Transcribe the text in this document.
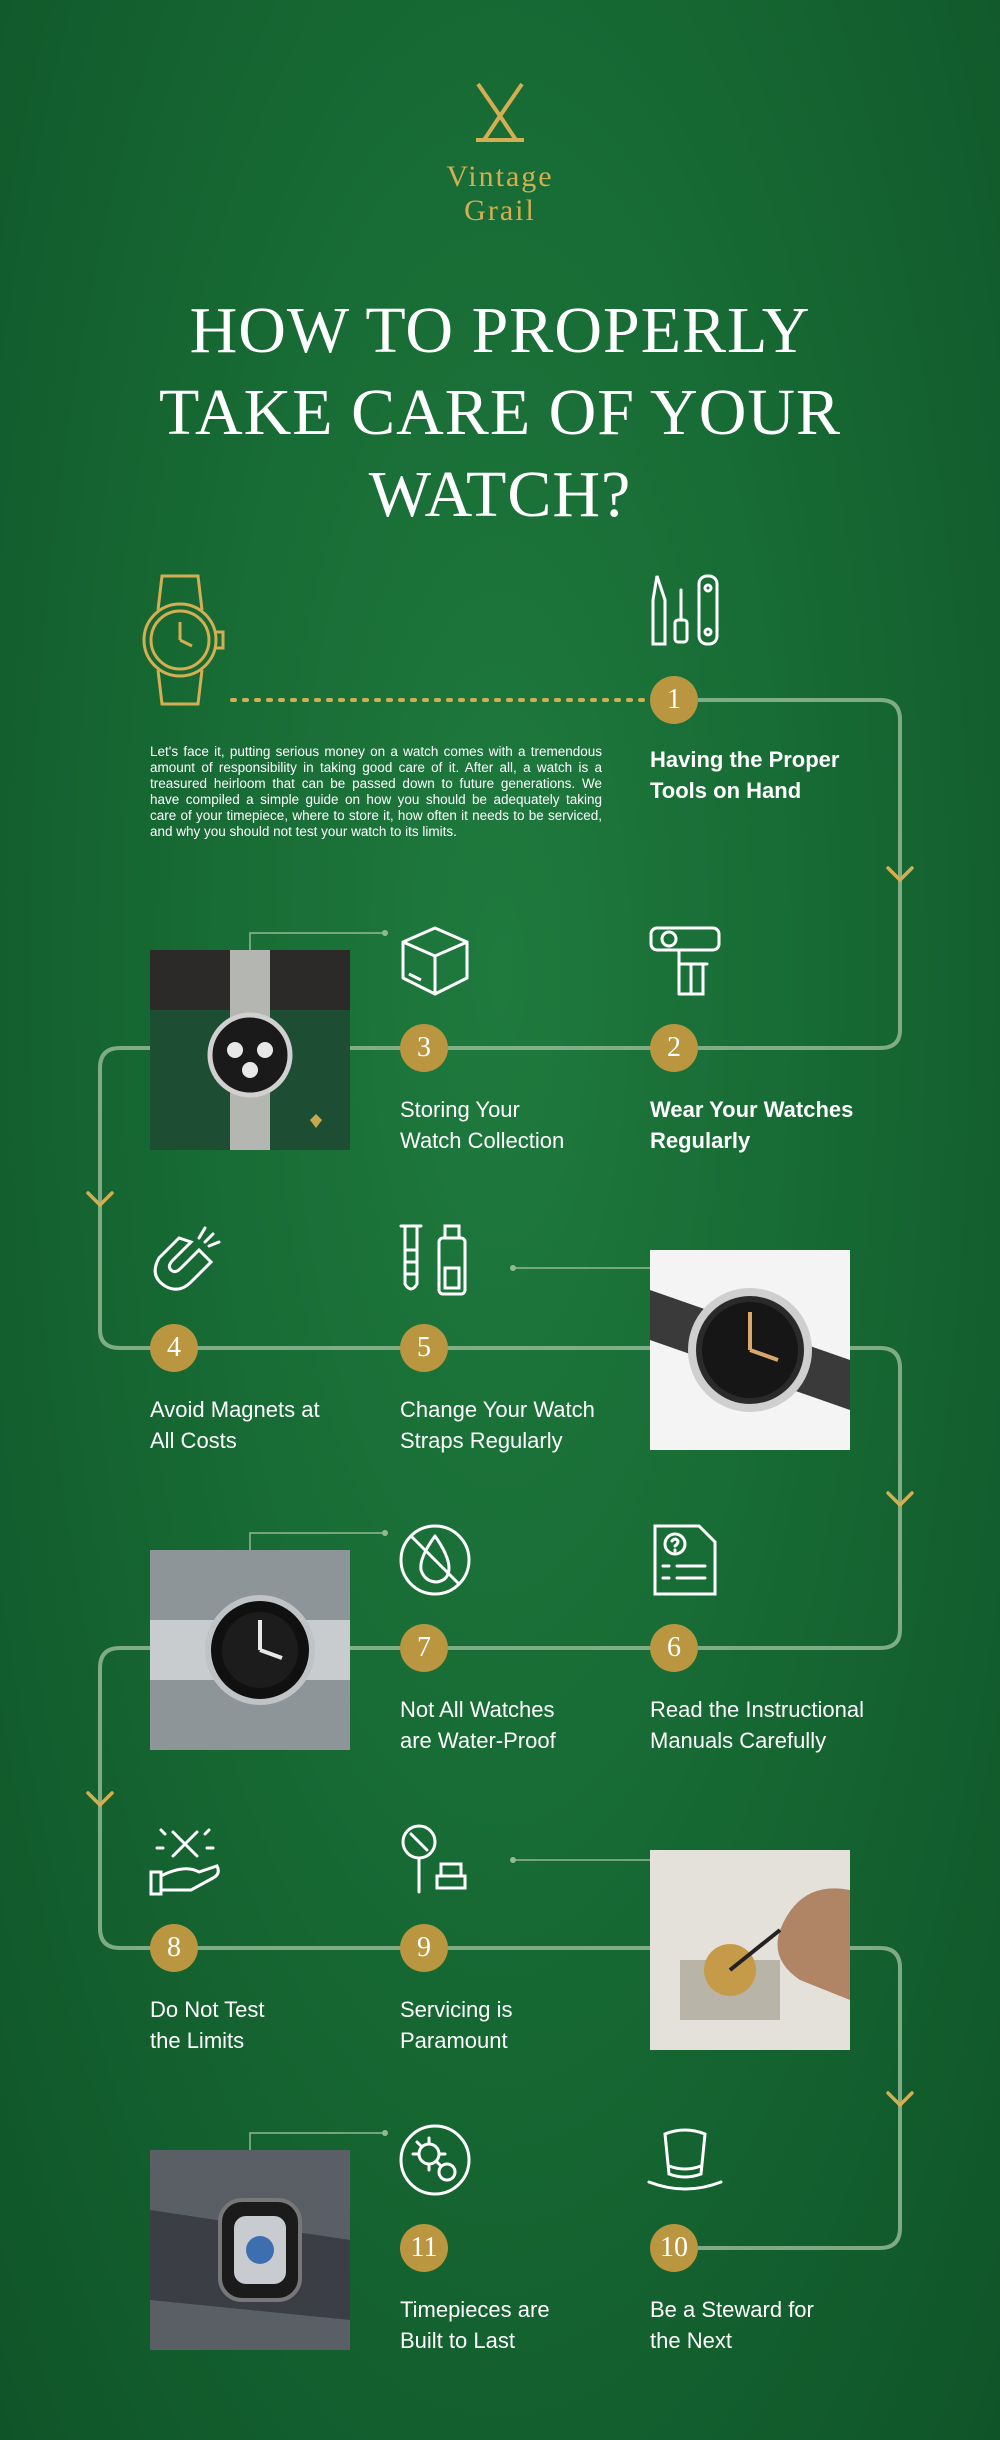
Vintage
Grail
HOW TO PROPERLY
TAKE CARE OF YOUR
WATCH?
Let's face it, putting serious money on a watch comes with a tremendous amount of responsibility in taking good care of it. After all, a watch is a treasured heirloom that can be passed down to future generations. We have compiled a simple guide on how you should be adequately taking care of your timepiece, where to store it, how often it needs to be serviced, and why you should not test your watch to its limits.
1
Having the Proper
Tools on Hand
2
Wear Your Watches
Regularly
3
Storing Your
Watch Collection
4
Avoid Magnets at
All Costs
5
Change Your Watch
Straps Regularly
6
Read the Instructional
Manuals Carefully
7
Not All Watches
are Water-Proof
8
Do Not Test
the Limits
9
Servicing is
Paramount
10
Be a Steward for
the Next
11
Timepieces are
Built to Last
